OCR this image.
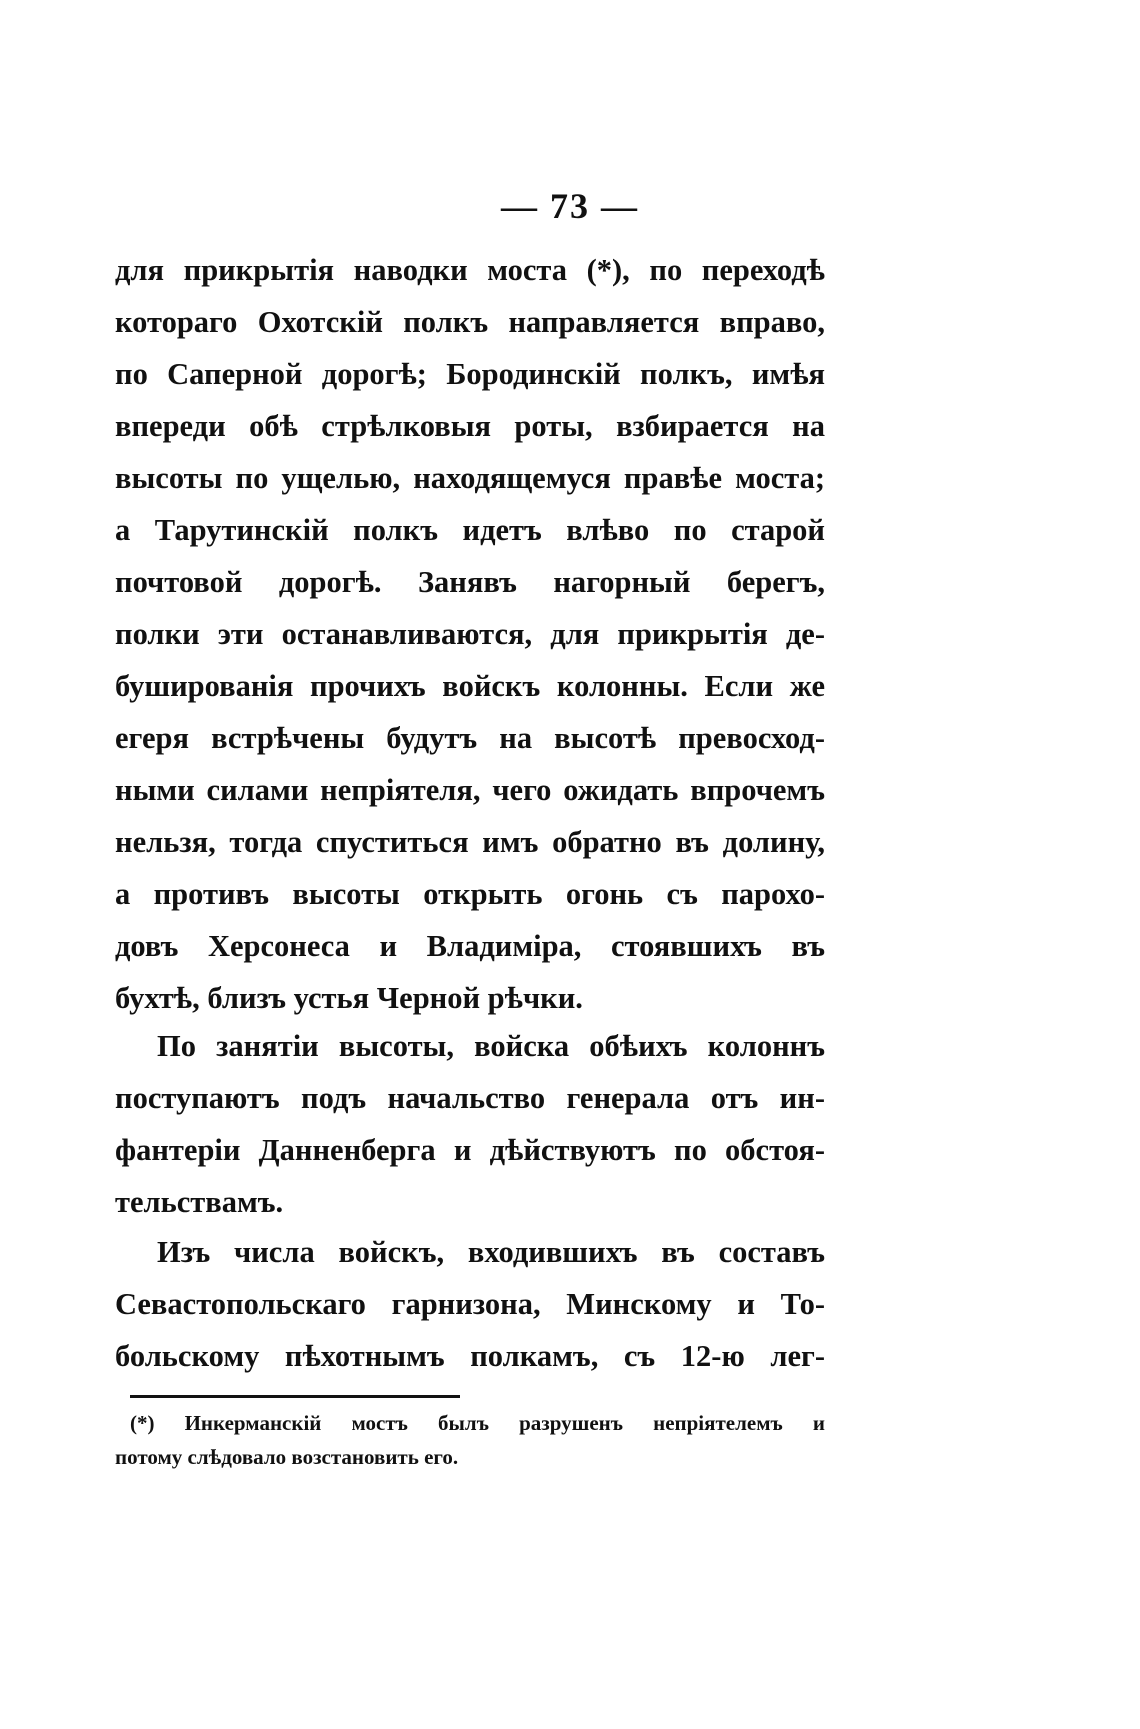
— 73 —
для прикрытія наводки моста (*), по переходѣ
котораго Охотскій полкъ направляется вправо,
по Саперной дорогѣ; Бородинскій полкъ, имѣя
впереди обѣ стрѣлковыя роты, взбирается на
высоты по ущелью, находящемуся правѣе моста;
а Тарутинскій полкъ идетъ влѣво по старой
почтовой дорогѣ. Занявъ нагорный берегъ,
полки эти останавливаются, для прикрытія де-
бушированія прочихъ войскъ колонны. Если же
егеря встрѣчены будутъ на высотѣ превосход-
ными силами непріятеля, чего ожидать впрочемъ
нельзя, тогда спуститься имъ обратно въ долину,
а противъ высоты открыть огонь съ парохо-
довъ Херсонеса и Владиміра, стоявшихъ въ
бухтѣ, близъ устья Черной рѣчки.
По занятіи высоты, войска обѣихъ колоннъ
поступаютъ подъ начальство генерала отъ ин-
фантеріи Данненберга и дѣйствуютъ по обстоя-
тельствамъ.
Изъ числа войскъ, входившихъ въ составъ
Севастопольскаго гарнизона, Минскому и То-
больскому пѣхотнымъ полкамъ, съ 12-ю лег-
(*) Инкерманскій мостъ былъ разрушенъ непріятелемъ и
потому слѣдовало возстановить его.
